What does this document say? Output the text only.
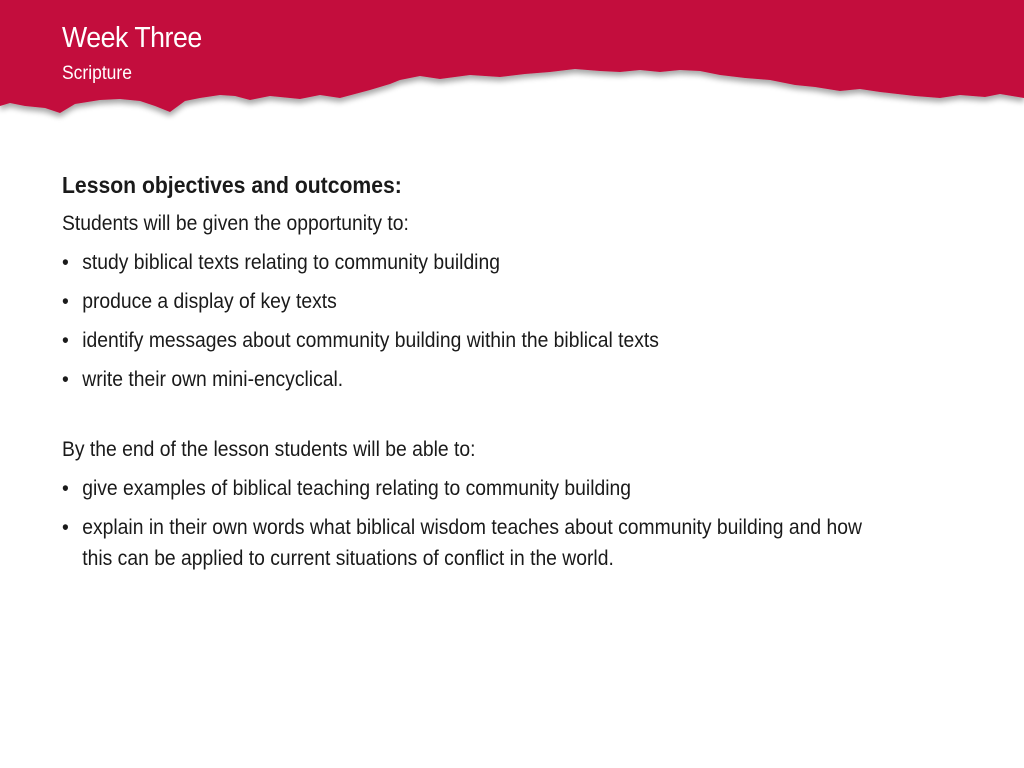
Week Three
Scripture

Lesson objectives and outcomes:

Students will be given the opportunity to:

• study biblical texts relating to community building
• produce a display of key texts
• identify messages about community building within the biblical texts
• write their own mini-encyclical.

By the end of the lesson students will be able to:

• give examples of biblical teaching relating to community building
• explain in their own words what biblical wisdom teaches about community building and how this can be applied to current situations of conflict in the world.
